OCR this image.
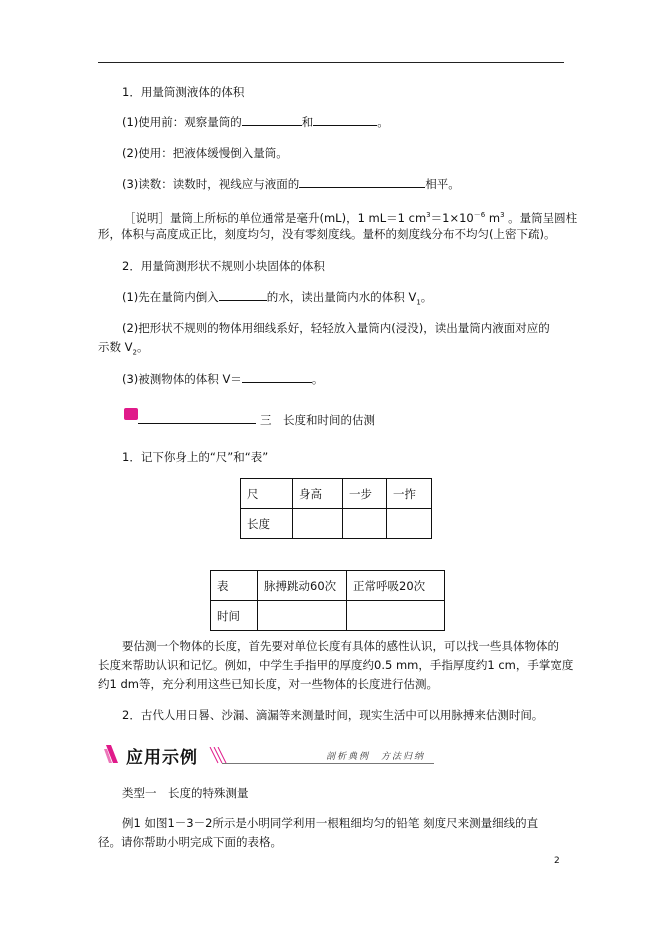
1．用量筒测液体的体积
(1)使用前：观察量筒的	和	。
(2)使用：把液体缓慢倒入量筒。
(3)读数：读数时，视线应与液面的	相平。
［说明］量筒上所标的单位通常是毫升(mL)，1 mL＝1 $cm^3=1\times 10^{-6}$ $m^3$ 。量筒呈圆柱
形，体积与高度成正比，刻度均匀，没有零刻度线。量杯的刻度线分布不均匀(上密下疏)。
2．用量筒测形状不规则小块固体的体积
(1)先在量筒内倒入	的水，读出量筒内水的体积 $V_1$。
(2)把形状不规则的物体用细线系好，轻轻放入量筒内(浸没)，读出量筒内液面对应的
示数 $V_2$。
(3)被测物体的体积 V＝	。
三　长度和时间的估测
1．记下你身上的“尺”和“表”
尺	身高	一步	一拃
长度			
表	脉搏跳动60次	正常呼吸20次
时间		
要估测一个物体的长度，首先要对单位长度有具体的感性认识，可以找一些具体物体的
长度来帮助认识和记忆。例如，中学生手指甲的厚度约0.5 mm，手指厚度约1 cm，手掌宽度
约1 dm等，充分利用这些已知长度，对一些物体的长度进行估测。
2．古代人用日晷、沙漏、滴漏等来测量时间，现实生活中可以用脉搏来估测时间。
应用示例	剖析典例　方法归纳
类型一　长度的特殊测量
例1 如图1－3－2所示是小明同学利用一根粗细均匀的铅笔 刻度尺来测量细线的直
径。请你帮助小明完成下面的表格。
2
